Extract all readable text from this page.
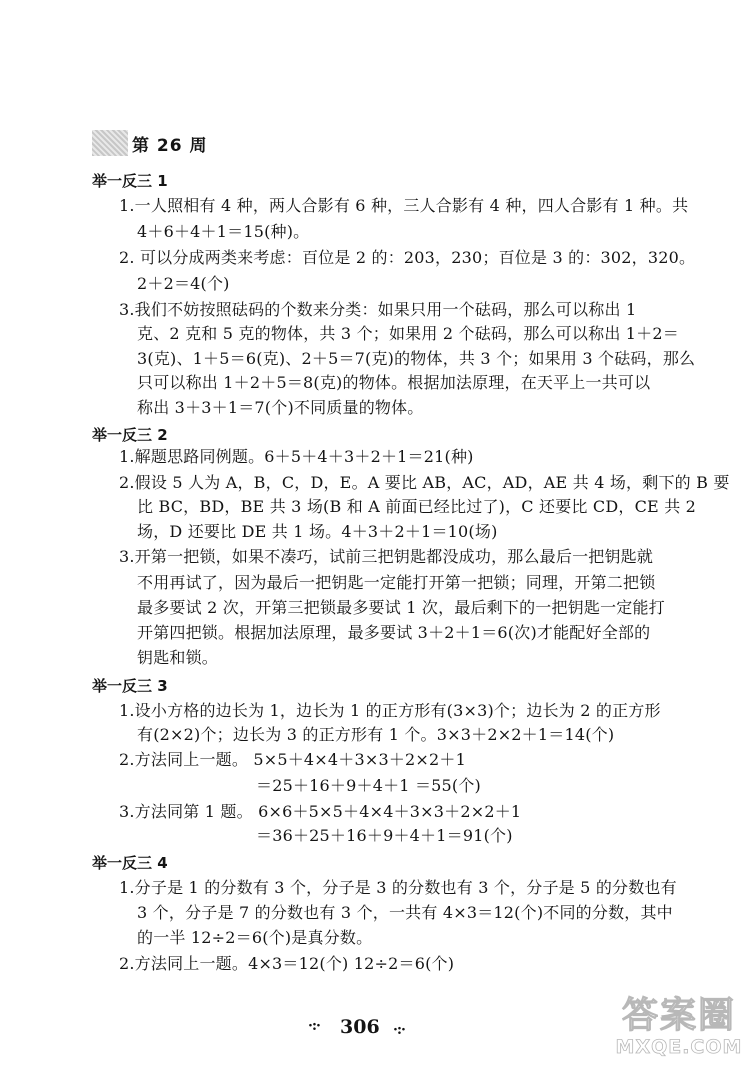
第 26 周
举一反三 1
1.一人照相有 4 种，两人合影有 6 种，三人合影有 4 种，四人合影有 1 种。共
4＋6＋4＋1＝15(种)。
2. 可以分成两类来考虑：百位是 2 的：203，230；百位是 3 的：302，320。
2＋2＝4(个)
3.我们不妨按照砝码的个数来分类：如果只用一个砝码，那么可以称出 1
克、2 克和 5 克的物体，共 3 个；如果用 2 个砝码，那么可以称出 1＋2＝
3(克)、1＋5＝6(克)、2＋5＝7(克)的物体，共 3 个；如果用 3 个砝码，那么
只可以称出 1＋2＋5＝8(克)的物体。根据加法原理，在天平上一共可以
称出 3＋3＋1＝7(个)不同质量的物体。
举一反三 2
1.解题思路同例题。6＋5＋4＋3＋2＋1＝21(种)
2.假设 5 人为 A，B，C，D，E。A 要比 AB，AC，AD，AE 共 4 场，剩下的 B 要
比 BC，BD，BE 共 3 场(B 和 A 前面已经比过了)，C 还要比 CD，CE 共 2
场，D 还要比 DE 共 1 场。4＋3＋2＋1＝10(场)
3.开第一把锁，如果不凑巧，试前三把钥匙都没成功，那么最后一把钥匙就
不用再试了，因为最后一把钥匙一定能打开第一把锁；同理，开第二把锁
最多要试 2 次，开第三把锁最多要试 1 次，最后剩下的一把钥匙一定能打
开第四把锁。根据加法原理，最多要试 3＋2＋1＝6(次)才能配好全部的
钥匙和锁。
举一反三 3
1.设小方格的边长为 1，边长为 1 的正方形有(3×3)个；边长为 2 的正方形
有(2×2)个；边长为 3 的正方形有 1 个。3×3＋2×2＋1＝14(个)
2.方法同上一题。 5×5＋4×4＋3×3＋2×2＋1
＝25＋16＋9＋4＋1 ＝55(个)
3.方法同第 1 题。 6×6＋5×5＋4×4＋3×3＋2×2＋1
＝36＋25＋16＋9＋4＋1＝91(个)
举一反三 4
1.分子是 1 的分数有 3 个，分子是 3 的分数也有 3 个，分子是 5 的分数也有
3 个，分子是 7 的分数也有 3 个，一共有 4×3＝12(个)不同的分数，其中
的一半 12÷2＝6(个)是真分数。
2.方法同上一题。4×3＝12(个) 12÷2＝6(个)
·:· 306 ·:·	答案圈
MXQE.COM
